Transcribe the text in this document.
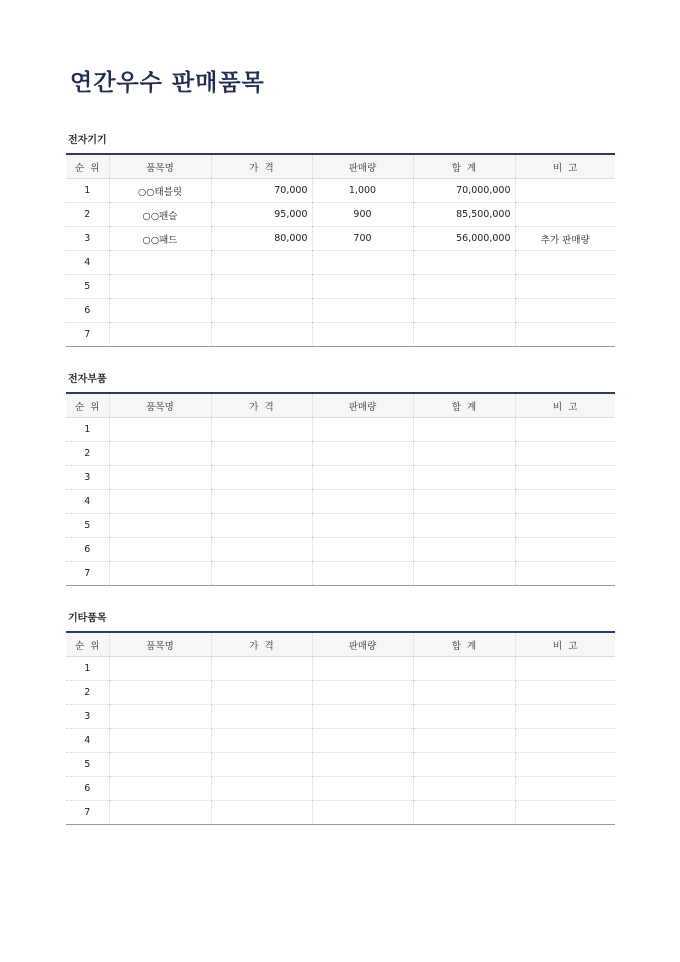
연간우수 판매품목
전자기기
순  위	품목명	가  격	판매량	합  계	비  고
1	○○태블릿	70,000	1,000	70,000,000	
2	○○펜슬	95,000	900	85,500,000	
3	○○패드	80,000	700	56,000,000	추가 판매량
4					
5					
6					
7					
전자부품
순  위	품목명	가  격	판매량	합  계	비  고
1					
2					
3					
4					
5					
6					
7					
기타품목
순  위	품목명	가  격	판매량	합  계	비  고
1					
2					
3					
4					
5					
6					
7					
